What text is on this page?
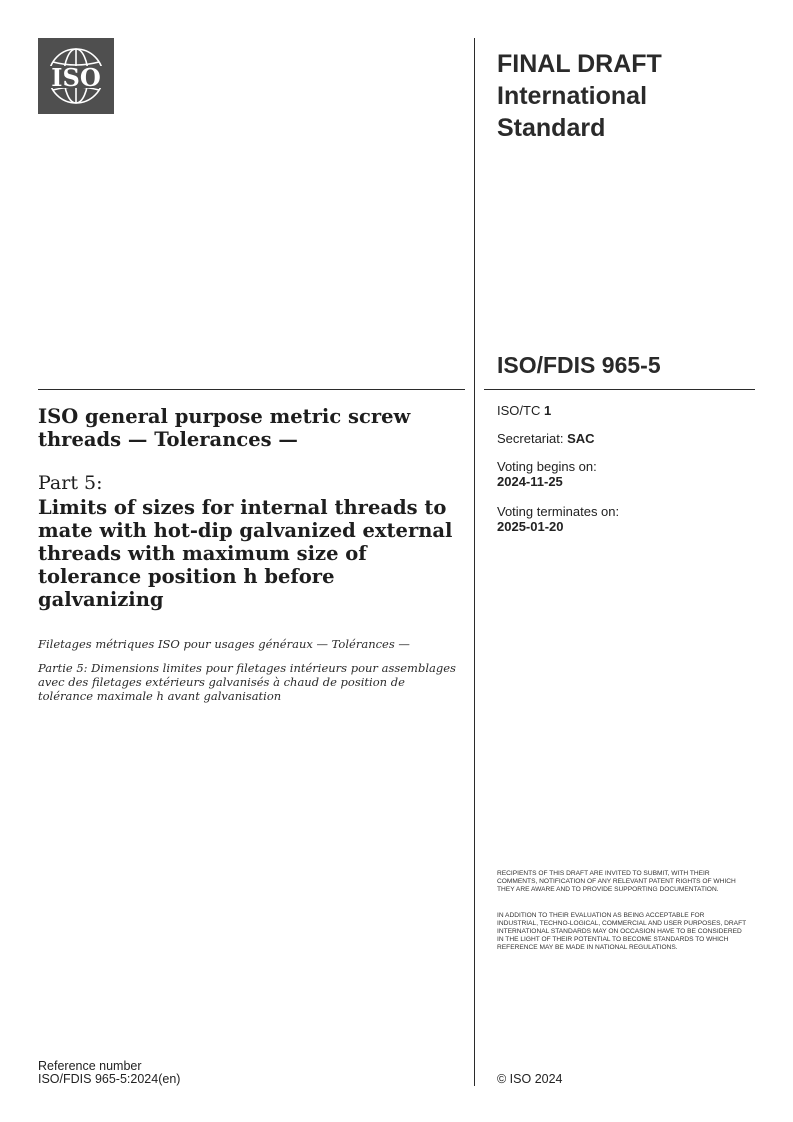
ISO	FINAL DRAFT
International
Standard
ISO/FDIS 965-5
ISO general purpose metric screw threads — Tolerances —
Part 5:
Limits of sizes for internal threads to mate with hot-dip galvanized external threads with maximum size of tolerance position h before galvanizing
Filetages métriques ISO pour usages généraux — Tolérances —
Partie 5: Dimensions limites pour filetages intérieurs pour assemblages avec des filetages extérieurs galvanisés à chaud de position de tolérance maximale h avant galvanisation
ISO/TC 1
Secretariat: SAC
Voting begins on:
2024-11-25
Voting terminates on:
2025-01-20
RECIPIENTS OF THIS DRAFT ARE INVITED TO SUBMIT, WITH THEIR COMMENTS, NOTIFICATION OF ANY RELEVANT PATENT RIGHTS OF WHICH THEY ARE AWARE AND TO PROVIDE SUPPORTING DOCUMENTATION.
IN ADDITION TO THEIR EVALUATION AS BEING ACCEPTABLE FOR INDUSTRIAL, TECHNO-LOGICAL, COMMERCIAL AND USER PURPOSES, DRAFT INTERNATIONAL STANDARDS MAY ON OCCASION HAVE TO BE CONSIDERED IN THE LIGHT OF THEIR POTENTIAL TO BECOME STANDARDS TO WHICH REFERENCE MAY BE MADE IN NATIONAL REGULATIONS.
Reference number
ISO/FDIS 965-5:2024(en)	© ISO 2024
